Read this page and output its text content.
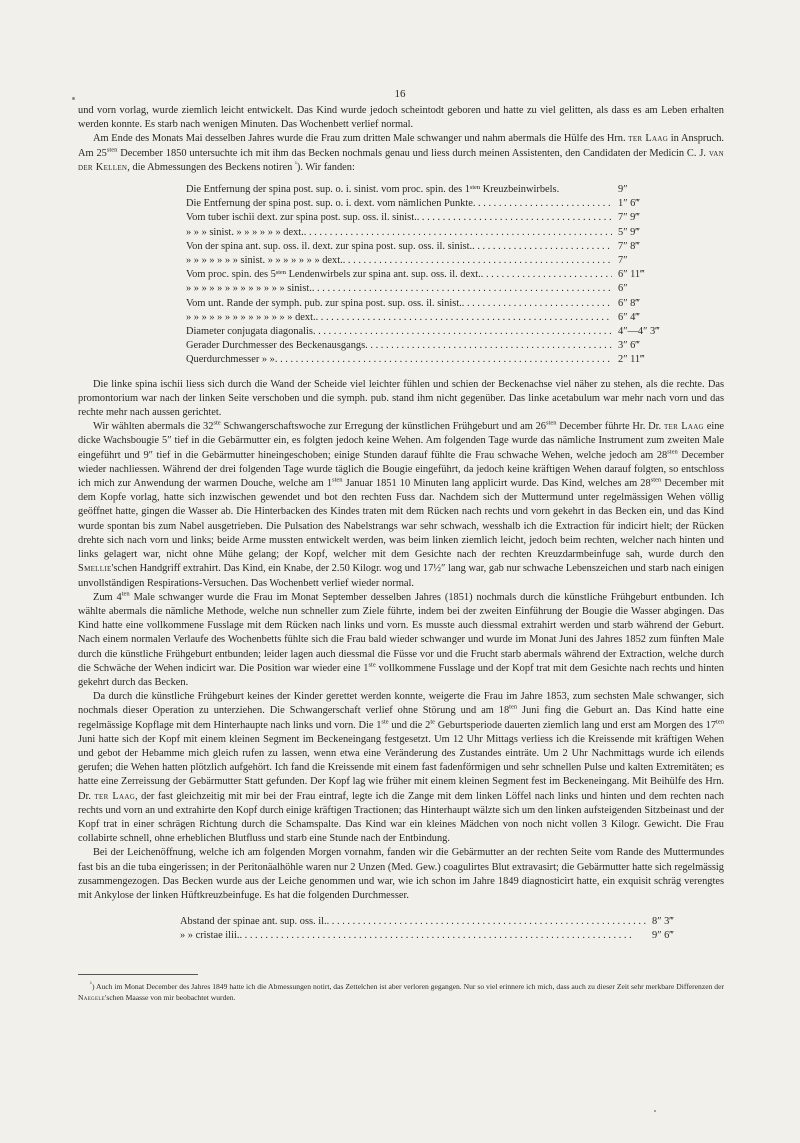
16

und vorn vorlag, wurde ziemlich leicht entwickelt. Das Kind wurde jedoch scheintodt geboren und hatte zu viel gelitten, als dass es am Leben erhalten werden konnte. Es starb nach wenigen Minuten. Das Wochenbett verlief normal.

Am Ende des Monats Mai desselben Jahres wurde die Frau zum dritten Male schwanger und nahm abermals die Hülfe des Hrn. ter Laag in Anspruch. Am $25^{sten}$ December 1850 untersuchte ich mit ihm das Becken nochmals genau und liess durch meinen Assistenten, den Candidaten der Medicin C. J. van der Kellen, die Abmessungen des Beckens notiren $^{^1}$). Wir fanden:

Die Entfernung der spina post. sup. o. i. sinist. vom proc. spin. des 1ˢᵗᵉⁿ Kreuzbeinwirbels.	9″
Die Entfernung der spina post. sup. o. i. dext. vom nämlichen Punkte . . .	1″ 6‴
Vom tuber ischii dext. zur spina post. sup. oss. il. sinist. . . .	7″ 9‴
» » » sinist. » » » » » » dext. . . .	5″ 9‴
Von der spina ant. sup. oss. il. dext. zur spina post. sup. oss. il. sinist. . . .	7″ 8‴
» » » » » » » sinist. » » » » » » » dext. . . .	7″
Vom proc. spin. des 5ˢᵗᵉⁿ Lendenwirbels zur spina ant. sup. oss. il. dext. . . .	6″ 11‴
» » » » » » » » » » » » » sinist. . . .	6″
Vom unt. Rande der symph. pub. zur spina post. sup. oss. il. sinist. . . .	6″ 8‴
» » » » » » » » » » » » » » dext. . . .	6″ 4‴
Diameter conjugata diagonalis . . .	4″—4″ 3‴
Gerader Durchmesser des Beckenausgangs . . .	3″ 6‴
Querdurchmesser » » . . .	2″ 11‴

Die linke spina ischii liess sich durch die Wand der Scheide viel leichter fühlen und schien der Beckenachse viel näher zu stehen, als die rechte. Das promontorium war nach der linken Seite verschoben und die symph. pub. stand ihm nicht gegenüber. Das linke acetabulum war mehr nach vorn und das rechte mehr nach aussen gerichtet.

Wir wählten abermals die 32ste Schwangerschaftswoche zur Erregung der künstlichen Frühgeburt und am $26^{sten}$ December führte Hr. Dr. ter Laag eine dicke Wachsbougie 5″ tief in die Gebärmutter ein, es folgten jedoch keine Wehen. Am folgenden Tage wurde das nämliche Instrument zum zweiten Male eingeführt und 9″ tief in die Gebärmutter hineingeschoben; einige Stunden darauf fühlte die Frau schwache Wehen, welche jedoch am $28^{sten}$ December wieder nachliessen. Während der drei folgenden Tage wurde täglich die Bougie eingeführt, da jedoch keine kräftigen Wehen darauf folgten, so entschloss ich mich zur Anwendung der warmen Douche, welche am $1^{sten}$ Januar 1851 10 Minuten lang applicirt wurde. Das Kind, welches am $28^{sten}$ December mit dem Kopfe vorlag, hatte sich inzwischen gewendet und bot den rechten Fuss dar. Nachdem sich der Muttermund unter regelmässigen Wehen völlig geöffnet hatte, gingen die Wasser ab. Die Hinterbacken des Kindes traten mit dem Rücken nach rechts und vorn gekehrt in das Becken ein, und das Kind wurde spontan bis zum Nabel ausgetrieben. Die Pulsation des Nabelstrangs war sehr schwach, wesshalb ich die Extraction für indicirt hielt; der Rücken drehte sich nach vorn und links; beide Arme mussten entwickelt werden, was beim linken ziemlich leicht, jedoch beim rechten, welcher nach hinten und links gelagert war, nicht ohne Mühe gelang; der Kopf, welcher mit dem Gesichte nach der rechten Kreuzdarmbeinfuge sah, wurde durch den Smellie'schen Handgriff extrahirt. Das Kind, ein Knabe, der 2.50 Kilogr. wog und 17½″ lang war, gab nur schwache Lebenszeichen und starb nach einigen unvollständigen Respirations-Versuchen. Das Wochenbett verlief wieder normal.

Zum $4^{ten}$ Male schwanger wurde die Frau im Monat September desselben Jahres (1851) nochmals durch die künstliche Frühgeburt entbunden. Ich wählte abermals die nämliche Methode, welche nun schneller zum Ziele führte, indem bei der zweiten Einführung der Bougie die Wasser abgingen. Das Kind hatte eine vollkommene Fusslage mit dem Rücken nach links und vorn. Es musste auch diessmal extrahirt werden und starb während der Geburt. Nach einem normalen Verlaufe des Wochenbetts fühlte sich die Frau bald wieder schwanger und wurde im Monat Juni des Jahres 1852 zum fünften Male durch die künstliche Frühgeburt entbunden; leider lagen auch diessmal die Füsse vor und die Frucht starb abermals während der Extraction, welche durch die Schwäche der Wehen indicirt war. Die Position war wieder eine 1ste vollkommene Fusslage und der Kopf trat mit dem Gesichte nach rechts und hinten gekehrt durch das Becken.

Da durch die künstliche Frühgeburt keines der Kinder gerettet werden konnte, weigerte die Frau im Jahre 1853, zum sechsten Male schwanger, sich nochmals dieser Operation zu unterziehen. Die Schwangerschaft verlief ohne Störung und am $18^{ten}$ Juni fing die Geburt an. Das Kind hatte eine regelmässige Kopflage mit dem Hinterhaupte nach links und vorn. Die 1ste und die $2^{te}$ Geburtsperiode dauerten ziemlich lang und erst am Morgen des $17^{ten}$ Juni hatte sich der Kopf mit einem kleinen Segment im Beckeneingang festgesetzt. Um 12 Uhr Mittags verliess ich die Kreissende mit kräftigen Wehen und gebot der Hebamme mich gleich rufen zu lassen, wenn etwa eine Veränderung des Zustandes einträte. Um 2 Uhr Nachmittags wurde ich eilends gerufen; die Wehen hatten plötzlich aufgehört. Ich fand die Kreissende mit einem fast fadenförmigen und sehr schnellen Pulse und kalten Extremitäten; es hatte eine Zerreissung der Gebärmutter Statt gefunden. Der Kopf lag wie früher mit einem kleinen Segment fest im Beckeneingang. Mit Beihülfe des Hrn. Dr. ter Laag, der fast gleichzeitig mit mir bei der Frau eintraf, legte ich die Zange mit dem linken Löffel nach links und hinten und dem rechten nach rechts und vorn an und extrahirte den Kopf durch einige kräftigen Tractionen; das Hinterhaupt wälzte sich um den linken aufsteigenden Sitzbeinast und der Kopf trat in einer schrägen Richtung durch die Schamspalte. Das Kind war ein kleines Mädchen von noch nicht vollen 3 Kilogr. Gewicht. Die Frau collabirte schnell, ohne erheblichen Blutfluss und starb eine Stunde nach der Entbindung.

Bei der Leichenöffnung, welche ich am folgenden Morgen vornahm, fanden wir die Gebärmutter an der rechten Seite vom Rande des Muttermundes fast bis an die tuba eingerissen; in der Peritonäalhöhle waren nur 2 Unzen (Med. Gew.) coagulirtes Blut extravasirt; die Gebärmutter hatte sich regelmässig zusammengezogen. Das Becken wurde aus der Leiche genommen und war, wie ich schon im Jahre 1849 diagnosticirt hatte, ein exquisit schräg verengtes mit Ankylose der linken Hüftkreuzbeinfuge. Es hat die folgenden Durchmesser.

Abstand der spinae ant. sup. oss. il. . . .	8″ 3‴
» » cristae ilii. . . .	9″ 6‴

$^{^1}$) Auch im Monat December des Jahres 1849 hatte ich die Abmessungen notirt, das Zettelchen ist aber verloren gegangen. Nur so viel erinnere ich mich, dass auch zu dieser Zeit sehr merkbare Differenzen der Naegele'schen Maasse von mir beobachtet wurden.
